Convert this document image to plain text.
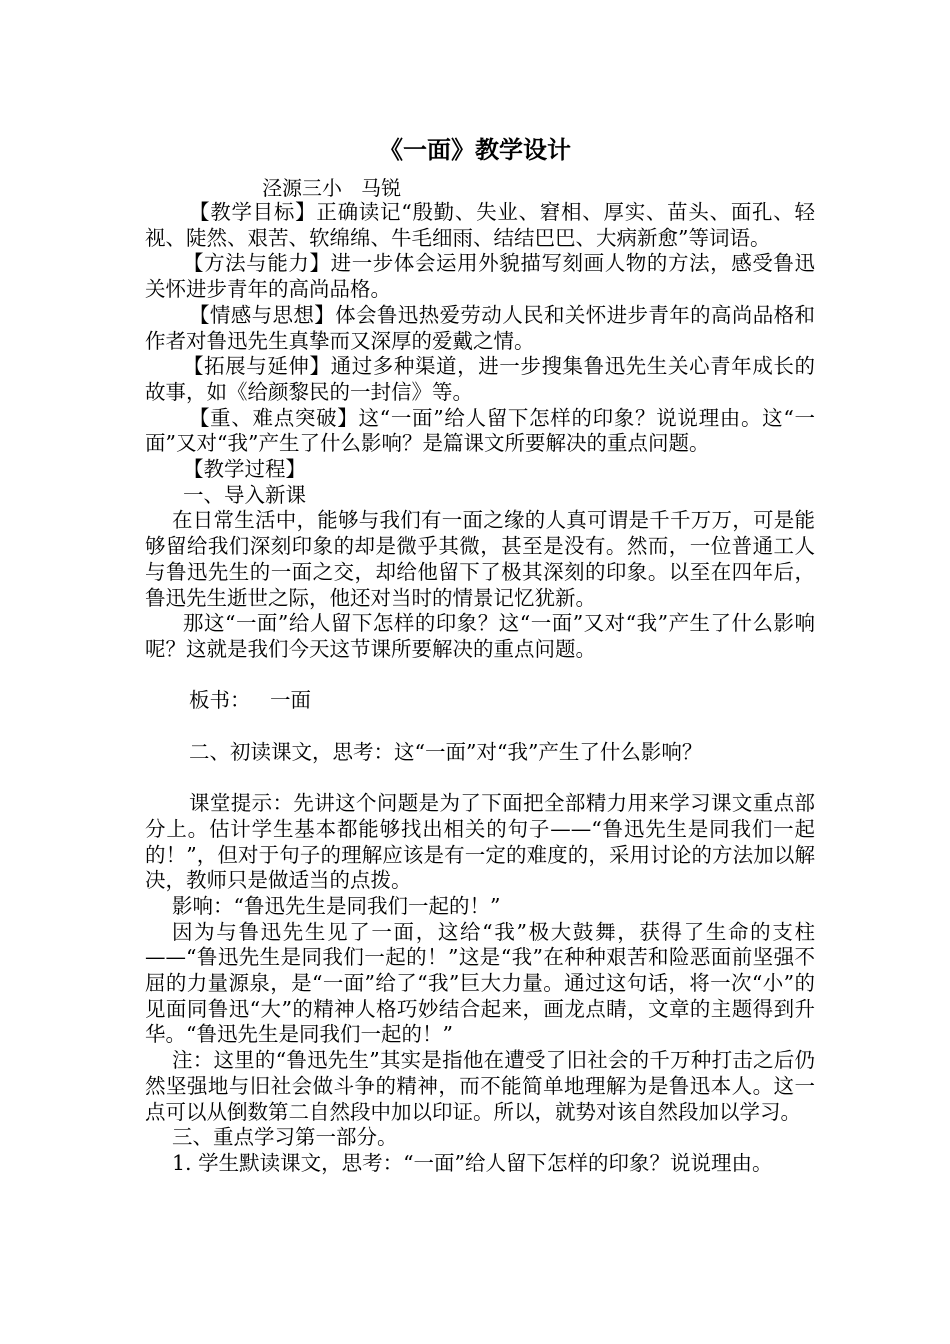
《一面》教学设计
泾源三小   马锐

【教学目标】正确读记“殷勤、失业、窘相、厚实、苗头、面孔、轻视、陡然、艰苦、软绵绵、牛毛细雨、结结巴巴、大病新愈”等词语。

【方法与能力】进一步体会运用外貌描写刻画人物的方法，感受鲁迅关怀进步青年的高尚品格。

【情感与思想】体会鲁迅热爱劳动人民和关怀进步青年的高尚品格和作者对鲁迅先生真挚而又深厚的爱戴之情。

【拓展与延伸】通过多种渠道，进一步搜集鲁迅先生关心青年成长的故事，如《给颜黎民的一封信》等。

【重、难点突破】这“一面”给人留下怎样的印象？说说理由。这“一面”又对“我”产生了什么影响？是篇课文所要解决的重点问题。

【教学过程】

一、导入新课

在日常生活中，能够与我们有一面之缘的人真可谓是千千万万，可是能够留给我们深刻印象的却是微乎其微，甚至是没有。然而，一位普通工人与鲁迅先生的一面之交，却给他留下了极其深刻的印象。以至在四年后，鲁迅先生逝世之际，他还对当时的情景记忆犹新。

那这“一面”给人留下怎样的印象？这“一面”又对“我”产生了什么影响呢？这就是我们今天这节课所要解决的重点问题。

板书：   一面

二、初读课文，思考：这“一面”对“我”产生了什么影响？

课堂提示：先讲这个问题是为了下面把全部精力用来学习课文重点部分上。估计学生基本都能够找出相关的句子——“鲁迅先生是同我们一起的！”，但对于句子的理解应该是有一定的难度的，采用讨论的方法加以解决，教师只是做适当的点拨。

影响：“鲁迅先生是同我们一起的！”

因为与鲁迅先生见了一面，这给“我”极大鼓舞，获得了生命的支柱——“鲁迅先生是同我们一起的！”这是“我”在种种艰苦和险恶面前坚强不屈的力量源泉，是“一面”给了“我”巨大力量。通过这句话，将一次“小”的见面同鲁迅“大”的精神人格巧妙结合起来，画龙点睛，文章的主题得到升华。“鲁迅先生是同我们一起的！”

注：这里的“鲁迅先生”其实是指他在遭受了旧社会的千万种打击之后仍然坚强地与旧社会做斗争的精神，而不能简单地理解为是鲁迅本人。这一点可以从倒数第二自然段中加以印证。所以，就势对该自然段加以学习。

三、重点学习第一部分。

1. 学生默读课文，思考：“一面”给人留下怎样的印象？说说理由。
